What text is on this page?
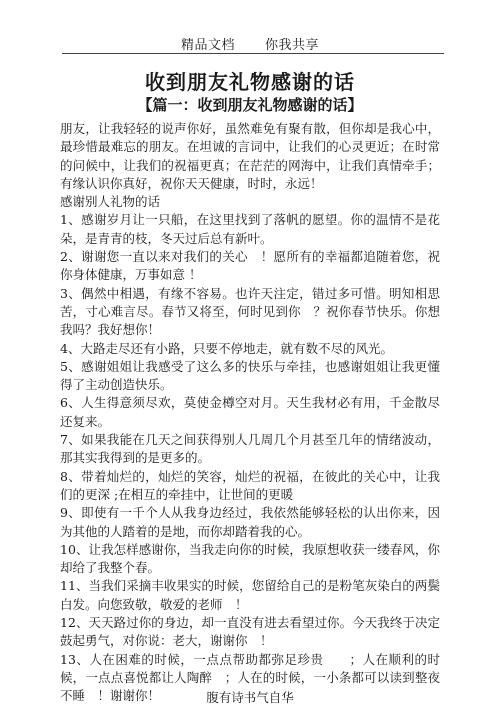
精品文档 你我共享
收到朋友礼物感谢的话
【篇一：收到朋友礼物感谢的话】

朋友，让我轻轻的说声你好，虽然难免有聚有散，但你却是我心中，最珍惜最难忘的朋友。在坦诚的言词中，让我们的心灵更近；在时常的问候中，让我们的祝福更真；在茫茫的网海中，让我们真情牵手；有缘认识你真好，祝你天天健康，时时，永远！

感谢别人礼物的话

1、感谢岁月让一只船，在这里找到了落帆的愿望。你的温情不是花朵，是青青的枝，冬天过后总有新叶。

2、谢谢您一直以来对我们的关心　！愿所有的幸福都追随着您，祝你身体健康，万事如意 ！

3、偶然中相遇，有缘不容易。也许天注定，错过多可惜。明知相思苦，寸心难言尽。春节又将至，何时见到你　？祝你春节快乐。你想我吗？我好想你！

4、大路走尽还有小路，只要不停地走，就有数不尽的风光。

5、感谢姐姐让我感受了这么多的快乐与牵挂，也感谢姐姐让我更懂得了主动创造快乐。

6、人生得意须尽欢，莫使金樽空对月。天生我材必有用，千金散尽还复来。

7、如果我能在几天之间获得别人几周几个月甚至几年的情绪波动，那其实我得到的是更多的。

8、带着灿烂的，灿烂的笑容，灿烂的祝福，在彼此的关心中，让我们的更深 ;在相互的牵挂中，让世间的更暖

9、即使有一千个人从我身边经过，我依然能够轻松的认出你来，因为其他的人踏着的是地，而你却踏着我的心。

10、让我怎样感谢你，当我走向你的时候，我原想收获一缕春风，你却给了我整个春。

11、当我们采摘丰收果实的时候，您留给自己的是粉笔灰染白的两鬓白发。向您致敬，敬爱的老师　！

12、天天路过你的身边，却一直没有进去看望过你。今天我终于决定鼓起勇气，对你说：老大，谢谢你　！

13、人在困难的时候，一点点帮助都弥足珍贵　　；人在顺利的时候，一点点喜悦都让人陶醉　；人在的时候，一小条都可以读到整夜不睡　！谢谢你！	腹有诗书气自华
